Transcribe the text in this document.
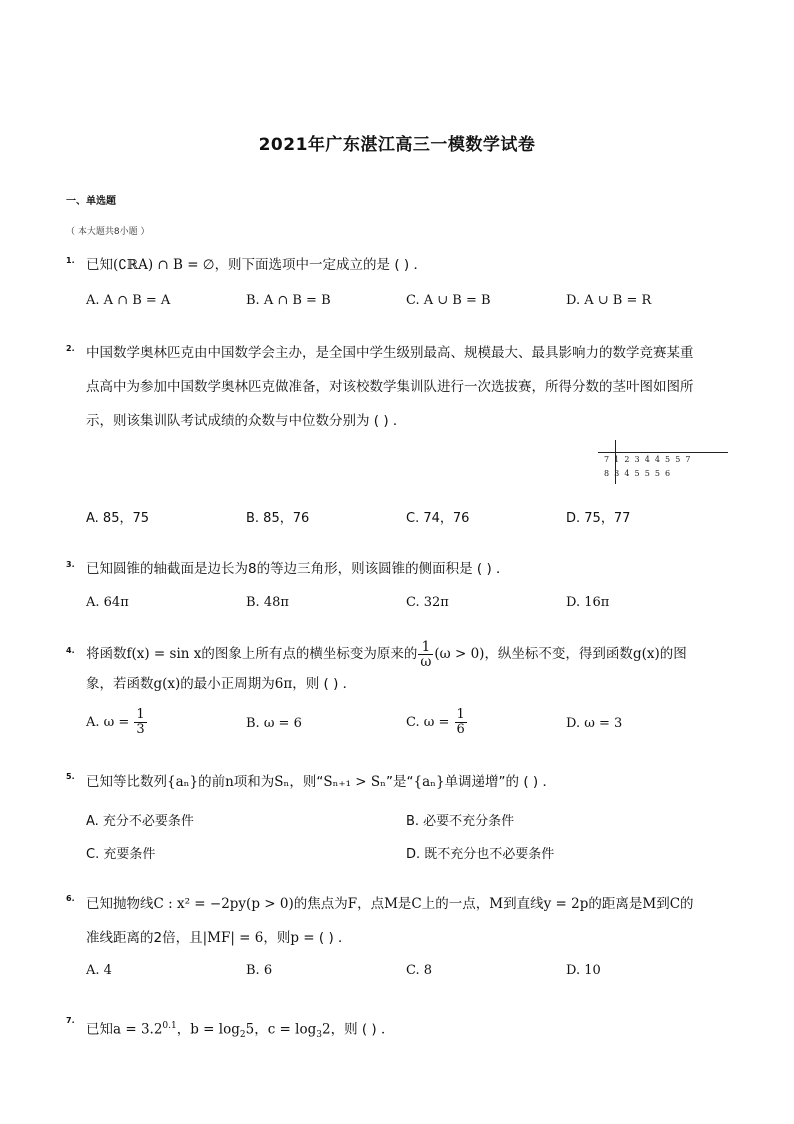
2021年广东湛江高三一模数学试卷
一、单选题
（ 本大题共8小题 ）
1. 已知(∁ℝA) ∩ B = ∅，则下面选项中一定成立的是 ( ) ．
A. A ∩ B = A	B. A ∩ B = B	C. A ∪ B = B	D. A ∪ B = R
2. 中国数学奥林匹克由中国数学会主办，是全国中学生级别最高、规模最大、最具影响力的数学竞赛某重
点高中为参加中国数学奥林匹克做准备，对该校数学集训队进行一次选拔赛，所得分数的茎叶图如图所
示，则该集训队考试成绩的众数与中位数分别为 ( ) ．
A. 85，75	B. 85，76	C. 74，76	D. 75，77
7  1  2  3  4  4  5  5  7
8  3  4  5  5  5  6
3. 已知圆锥的轴截面是边长为8的等边三角形，则该圆锥的侧面积是 ( ) ．
A. 64π	B. 48π	C. 32π	D. 16π
4. 将函数f(x) = sin x的图象上所有点的横坐标变为原来的 $\frac{1}{\omega} (\omega > 0)$，纵坐标不变，得到函数g(x)的图
象，若函数g(x)的最小正周期为6π，则 ( ) ．
A. $\omega = \frac{1}{3}$	B. ω = 6	C. $\omega = \frac{1}{6}$	D. ω = 3
5. 已知等比数列{aₙ}的前n项和为Sₙ，则“Sₙ₊₁ > Sₙ”是“{aₙ}单调递增”的 ( ) ．
A. 充分不必要条件	B. 必要不充分条件
C. 充要条件	D. 既不充分也不必要条件
6. 已知抛物线C : x² = −2py(p > 0)的焦点为F，点M是C上的一点，M到直线y = 2p的距离是M到C的
准线距离的2倍，且|MF| = 6，则p = ( ) ．
A. 4	B. 6	C. 8	D. 10
7.
已知$a = 3.2^{0.1}$，$b = \log_25$，$c = \log_32$，则 ( ) ．
